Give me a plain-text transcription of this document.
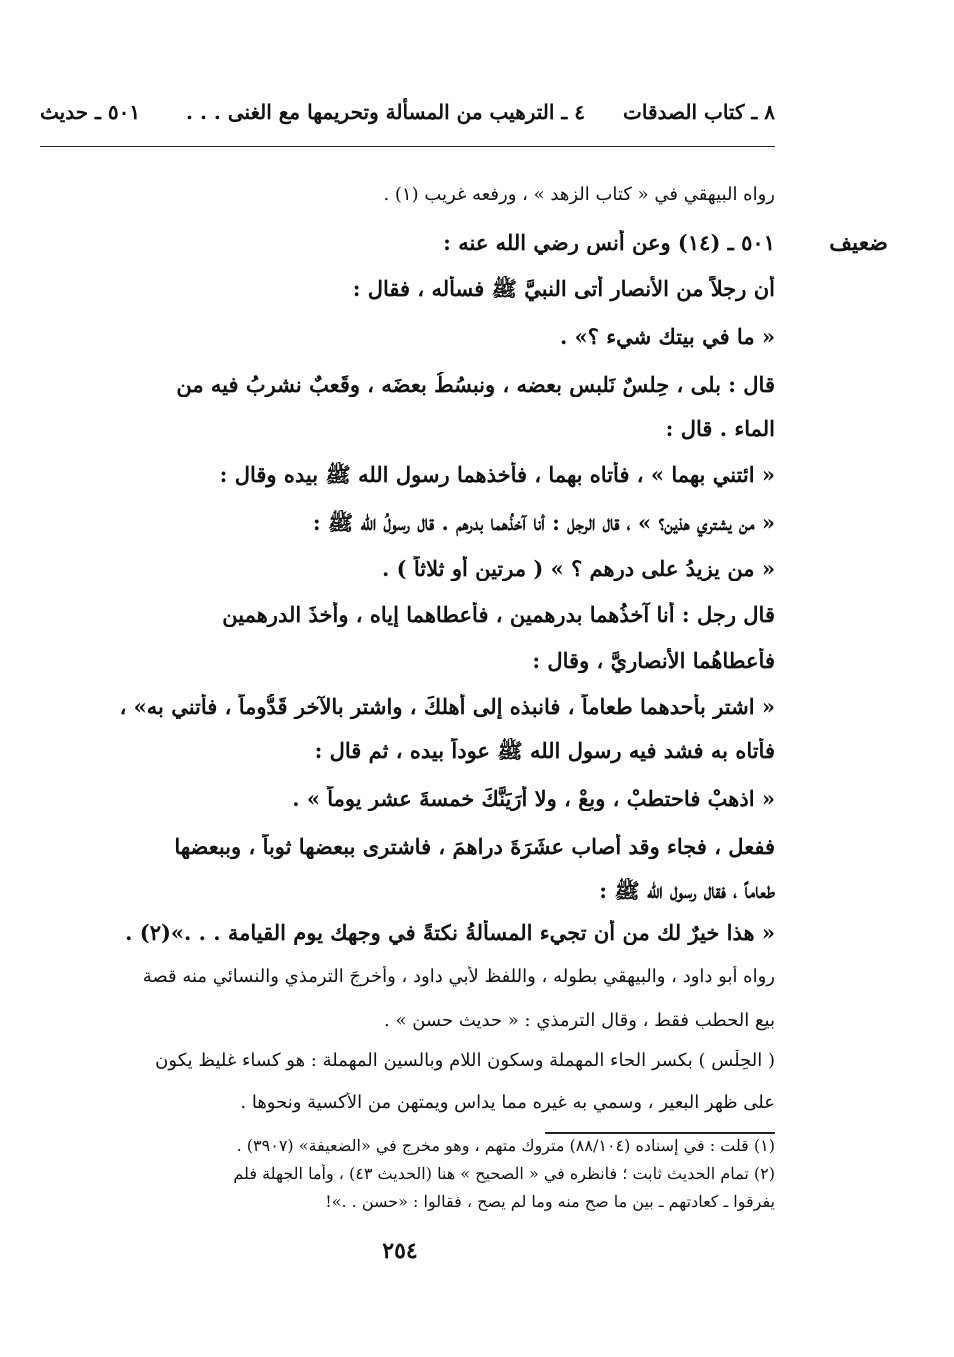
٨ ـ كتاب الصدقات
٤ ـ الترهيب من المسألة وتحريمها مع الغنى . . .
٥٠١ ـ حديث
ضعيف
رواه البيهقي في « كتاب الزهد » ، ورفعه غريب (١) .
٥٠١ ـ (١٤) وعن أنس رضي الله عنه :
أن رجلاً من الأنصار أتى النبيَّ ﷺ فسأله ، فقال :
« ما في بيتك شيء ؟» .
قال : بلى ، حِلسٌ نَلبس بعضه ، ونبسُطُ بعضَه ، وقَعبٌ نشربُ فيه من
الماء . قال :
« ائتني بهما » ، فأتاه بهما ، فأخذهما رسول الله ﷺ بيده وقال :
« من يشتري هذين؟ » ، قال الرجل : أنا آخذُهما بدرهم . قال رسولُ الله ﷺ :
« من يزيدُ على درهم ؟ » ( مرتين أو ثلاثاً ) .
قال رجل : أنا آخذُهما بدرهمين ، فأعطاهما إياه ، وأخذَ الدرهمين
فأعطاهُما الأنصاريَّ ، وقال :
« اشترِ بأحدهما طعاماً ، فانبذه إلى أهلكَ ، واشترِ بالآخر قَدُّوماً ، فأتني به» ،
فأتاه به فشد فيه رسول الله ﷺ عوداً بيده ، ثم قال :
« اذهبْ فاحتطبْ ، وبعْ ، ولا أَرَيَنَّكَ خمسةَ عشر يوماً » .
ففعل ، فجاء وقد أصاب عشَرَةَ دراهمَ ، فاشترى ببعضها ثوباً ، وببعضها
طعاماً ، فقال رسول الله ﷺ :
« هذا خيرٌ لك من أن تجيء المسألةُ نكتةً في وجهك يوم القيامة . . .»(٢) .
رواه أبو داود ، والبيهقي بطوله ، واللفظ لأبي داود ، وأخرجَ الترمذي والنسائي منه قصة
بيع الحطب فقط ، وقال الترمذي : « حديث حسن » .
( الحِلْس ) بكسر الحاء المهملة وسكون اللام وبالسين المهملة : هو كساء غليظ يكون
على ظهر البعير ، وسمي به غيره مما يداس ويمتهن من الأكسية ونحوها .
(١) قلت : في إسناده (٨٨/١٠٤) متروك متهم ، وهو مخرج في «الضعيفة» (٣٩٠٧) .
(٢) تمام الحديث ثابت ؛ فانظره في « الصحيح » هنا (الحديث ٤٣) ، وأما الجهلة فلم
يفرقوا ـ كعادتهم ـ بين ما صح منه وما لم يصح ، فقالوا : «حسن . .»!
٢٥٤
